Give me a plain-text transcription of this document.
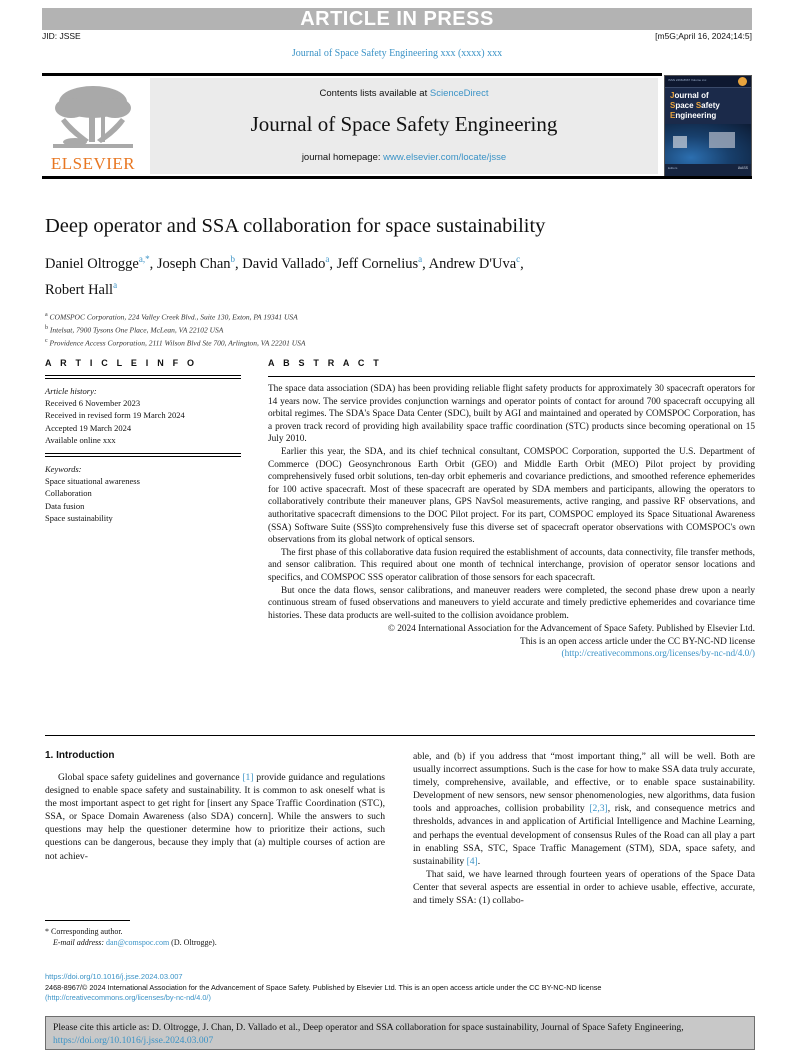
ARTICLE IN PRESS
JID: JSSE	[m5G;April 16, 2024;14:5]
Journal of Space Safety Engineering xxx (xxxx) xxx
ELSEVIER
Contents lists available at ScienceDirect
Journal of Space Safety Engineering
journal homepage: www.elsevier.com/locate/jsse
ISSN 2468-8967 Volume xxx
Journal of
Space Safety
Engineering
Editors	IAASS
Deep operator and SSA collaboration for space sustainability
Daniel Oltrogge$^{a,*}$, Joseph Chan$^b$, David Vallado$^a$, Jeff Cornelius$^a$, Andrew D'Uva$^c$,
Robert Hall$^a$
$^a$ COMSPOC Corporation, 224 Valley Creek Blvd., Suite 130, Exton, PA 19341 USA
$^b$ Intelsat, 7900 Tysons One Place, McLean, VA 22102 USA
$^c$ Providence Access Corporation, 2111 Wilson Blvd Ste 700, Arlington, VA 22201 USA
A R T I C L E I N F O
Article history:
Received 6 November 2023
Received in revised form 19 March 2024
Accepted 19 March 2024
Available online xxx
Keywords:
Space situational awareness
Collaboration
Data fusion
Space sustainability
A B S T R A C T

The space data association (SDA) has been providing reliable flight safety products for approximately 30 spacecraft operators for 14 years now. The service provides conjunction warnings and operator points of contact for around 700 spacecraft occupying all orbital regimes. The SDA's Space Data Center (SDC), built by AGI and maintained and operated by COMSPOC Corporation, has a proven track record of providing high availability space traffic coordination (STC) products since becoming operational on 15 July 2010.

Earlier this year, the SDA, and its chief technical consultant, COMSPOC Corporation, supported the U.S. Department of Commerce (DOC) Geosynchronous Earth Orbit (GEO) and Middle Earth Orbit (MEO) Pilot project by providing comprehensively fused orbit solutions, ten-day orbit ephemeris and covariance predictions, and smoothed reference ephemerides for 100 active spacecraft. Most of these spacecraft are operated by SDA members and participants, allowing the operators to collaboratively contribute their maneuver plans, GPS NavSol measurements, active ranging, and passive RF observations, and authoritative spacecraft dimensions to the DOC Pilot project. For its part, COMSPOC employed its Space Situational Awareness (SSA) Software Suite (SSS)to comprehensively fuse this diverse set of spacecraft operator observations with COMSPOC's own observations from its global network of optical sensors.

The first phase of this collaborative data fusion required the establishment of accounts, data connectivity, file transfer methods, and sensor calibration. This required about one month of technical interchange, provision of operator sensor locations and specifics, and COMSPOC SSS operator calibration of those sensors for each spacecraft.

But once the data flows, sensor calibrations, and maneuver readers were completed, the second phase drew upon a nearly continuous stream of fused observations and maneuvers to yield accurate and timely predictive ephemerides and covariance time histories. These data products are well-suited to the collision avoidance problem.

© 2024 International Association for the Advancement of Space Safety. Published by Elsevier Ltd.
This is an open access article under the CC BY-NC-ND license
(http://creativecommons.org/licenses/by-nc-nd/4.0/)
1. Introduction

Global space safety guidelines and governance [1] provide guidance and regulations designed to enable space safety and sustainability. It is common to ask oneself what is the most important aspect to get right for [insert any Space Traffic Coordination (STC), SSA, or Space Domain Awareness (also SDA) concern]. While the answers to such questions may help the questioner determine how to prioritize their actions, such questions can be dangerous, because they imply that (a) multiple courses of action are not achiev-

able, and (b) if you address that “most important thing,” all will be well. Both are usually incorrect assumptions. Such is the case for how to make SSA data truly accurate, timely, comprehensive, available, and effective, or to enable space sustainability. Development of new sensors, new sensor phenomenologies, new algorithms, data fusion tools and approaches, collision probability [2,3], risk, and consequence metrics and thresholds, advances in and application of Artificial Intelligence and Machine Learning, and perhaps the eventual development of consensus Rules of the Road can all play a part in enabling SSA, STC, Space Traffic Management (STM), SDA, space safety, and sustainability [4].

That said, we have learned through fourteen years of operations of the Space Data Center that several aspects are essential in order to achieve usable, effective, accurate, and timely SSA: (1) collabo-

* Corresponding author.
E-mail address: dan@comspoc.com (D. Oltrogge).
https://doi.org/10.1016/j.jsse.2024.03.007
2468-8967/© 2024 International Association for the Advancement of Space Safety. Published by Elsevier Ltd. This is an open access article under the CC BY-NC-ND license
(http://creativecommons.org/licenses/by-nc-nd/4.0/)
Please cite this article as: D. Oltrogge, J. Chan, D. Vallado et al., Deep operator and SSA collaboration for space sustainability, Journal of Space Safety Engineering, https://doi.org/10.1016/j.jsse.2024.03.007
